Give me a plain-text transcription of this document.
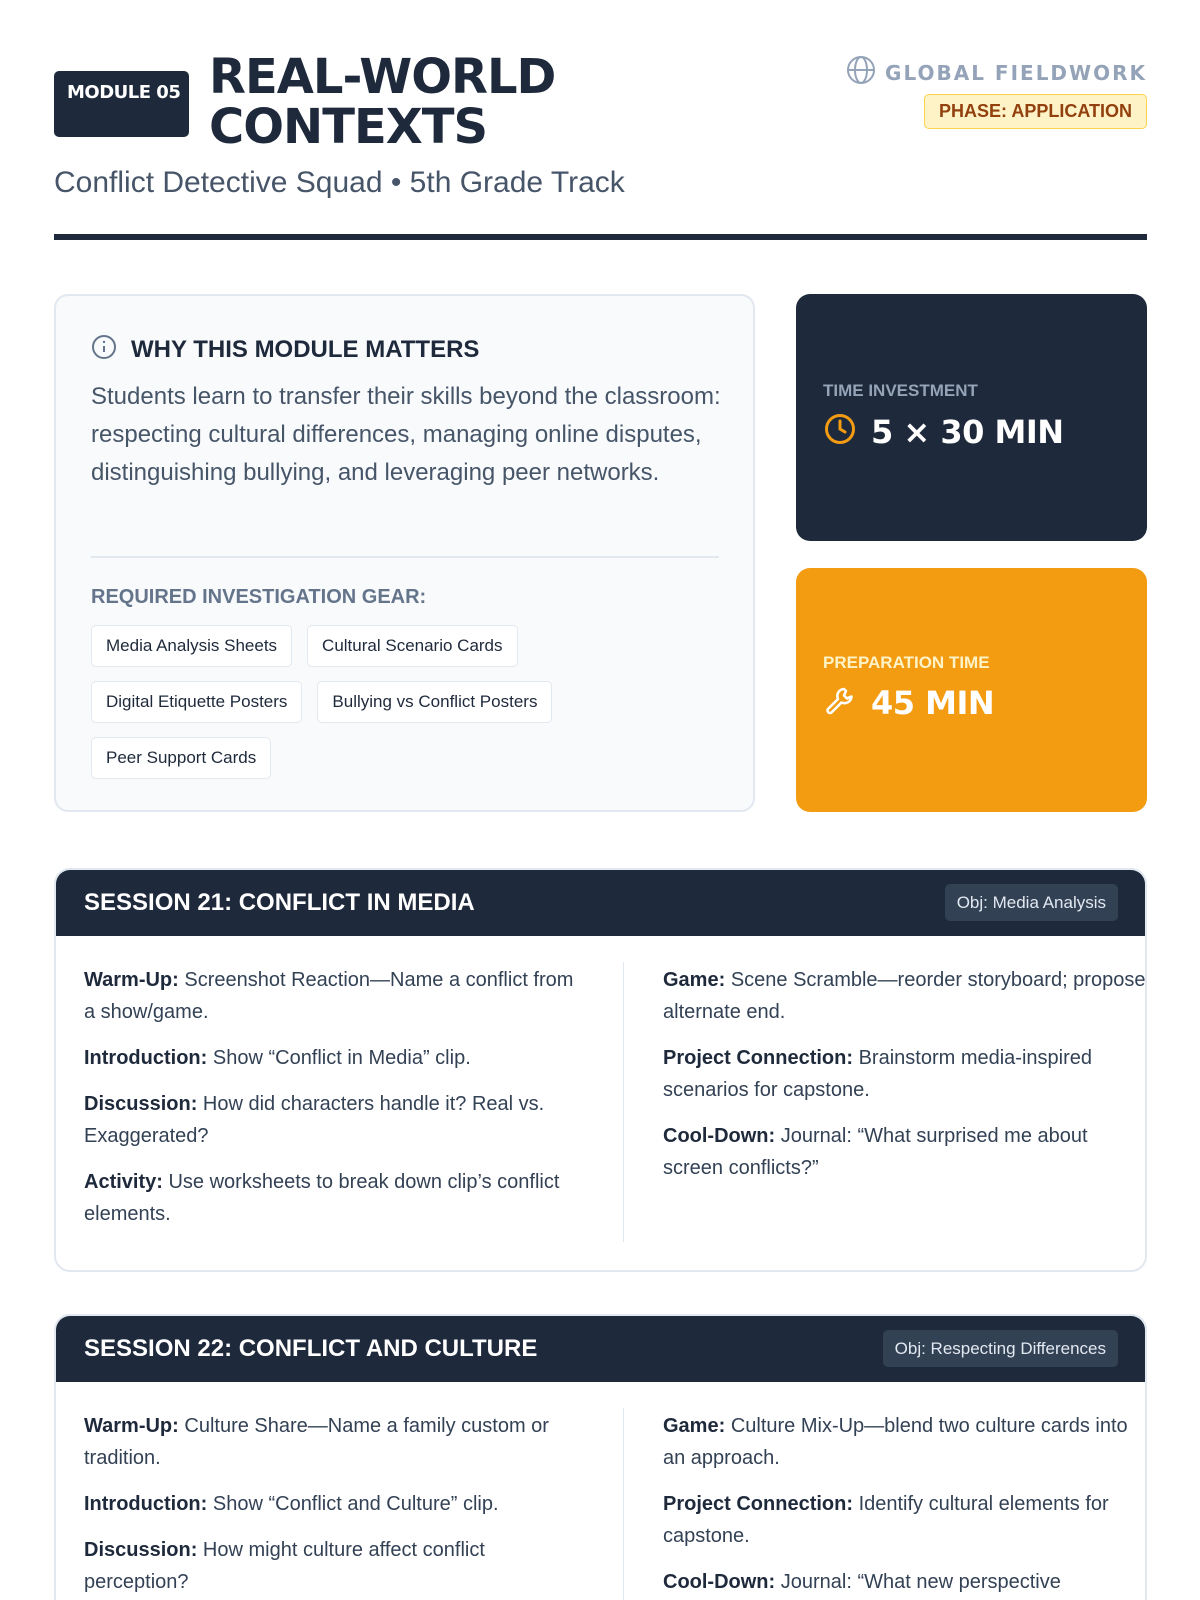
MODULE 05 REAL-WORLD
CONTEXTS
Conflict Detective Squad • 5th Grade Track
GLOBAL FIELDWORK
PHASE: APPLICATION
WHY THIS MODULE MATTERS
Students learn to transfer their skills beyond the classroom: respecting cultural differences, managing online disputes, distinguishing bullying, and leveraging peer networks.
REQUIRED INVESTIGATION GEAR:
Media Analysis Sheets	Cultural Scenario Cards
Digital Etiquette Posters	Bullying vs Conflict Posters
Peer Support Cards
TIME INVESTMENT
5 × 30 MIN
PREPARATION TIME
45 MIN
SESSION 21: CONFLICT IN MEDIA	Obj: Media Analysis
Warm-Up: Screenshot Reaction—Name a conflict from a show/game.
Introduction: Show “Conflict in Media” clip.
Discussion: How did characters handle it? Real vs. Exaggerated?
Activity: Use worksheets to break down clip’s conflict elements.
Game: Scene Scramble—reorder storyboard; propose alternate end.
Project Connection: Brainstorm media-inspired scenarios for capstone.
Cool-Down: Journal: “What surprised me about screen conflicts?”
SESSION 22: CONFLICT AND CULTURE	Obj: Respecting Differences
Warm-Up: Culture Share—Name a family custom or tradition.
Introduction: Show “Conflict and Culture” clip.
Discussion: How might culture affect conflict perception?
Game: Culture Mix-Up—blend two culture cards into an approach.
Project Connection: Identify cultural elements for capstone.
Cool-Down: Journal: “What new perspective
